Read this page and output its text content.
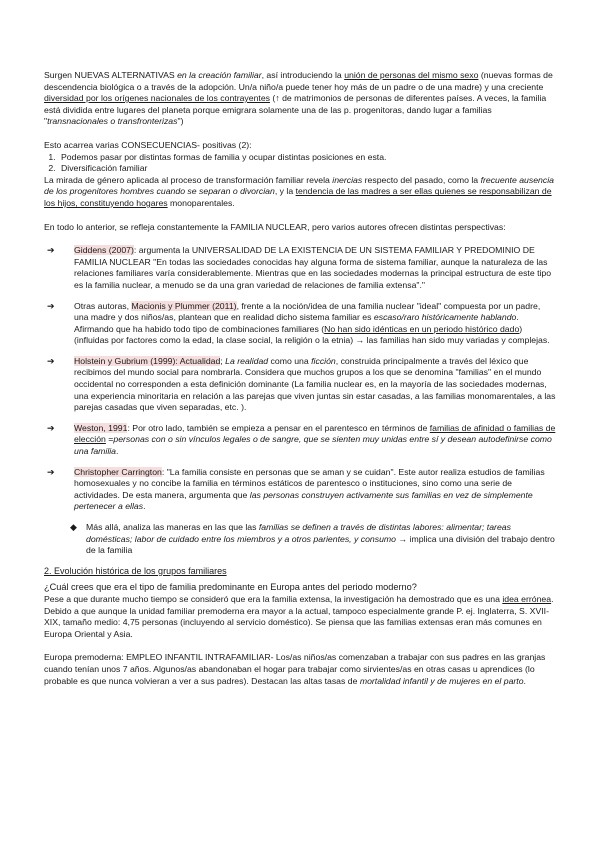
Surgen NUEVAS ALTERNATIVAS en la creación familiar, así introduciendo la unión de personas del mismo sexo (nuevas formas de descendencia biológica o a través de la adopción. Un/a niño/a puede tener hoy más de un padre o de una madre) y una creciente diversidad por los orígenes nacionales de los contrayentes (↑ de matrimonios de personas de diferentes países. A veces, la familia está dividida entre lugares del planeta porque emigrara solamente una de las p. progenitoras, dando lugar a familias "transnacionales o transfronterizas")

Esto acarrea varias CONSECUENCIAS- positivas (2):

1. Podemos pasar por distintas formas de familia y ocupar distintas posiciones en esta.
2. Diversificación familiar

La mirada de género aplicada al proceso de transformación familiar revela inercias respecto del pasado, como la frecuente ausencia de los progenitores hombres cuando se separan o divorcian, y la tendencia de las madres a ser ellas quienes se responsabilizan de los hijos, constituyendo hogares monoparentales.

En todo lo anterior, se refleja constantemente la FAMILIA NUCLEAR, pero varios autores ofrecen distintas perspectivas:

➔ Giddens (2007): argumenta la UNIVERSALIDAD DE LA EXISTENCIA DE UN SISTEMA FAMILIAR Y PREDOMINIO DE FAMILIA NUCLEAR "En todas las sociedades conocidas hay alguna forma de sistema familiar, aunque la naturaleza de las relaciones familiares varía considerablemente. Mientras que en las sociedades modernas la principal estructura de este tipo es la familia nuclear, a menudo se da una gran variedad de relaciones de familia extensa"."
➔ Otras autoras, Macionis y Plummer (2011), frente a la noción/idea de una familia nuclear "ideal" compuesta por un padre, una madre y dos niños/as, plantean que en realidad dicho sistema familiar es escaso/raro históricamente hablando. Afirmando que ha habido todo tipo de combinaciones familiares (No han sido idénticas en un periodo histórico dado) (influidas por factores como la edad, la clase social, la religión o la etnia) → las familias han sido muy variadas y complejas.
➔ Holstein y Gubrium (1999): Actualidad; La realidad como una ficción, construida principalmente a través del léxico que recibimos del mundo social para nombrarla. Considera que muchos grupos a los que se denomina "familias" en el mundo occidental no corresponden a esta definición dominante (La familia nuclear es, en la mayoría de las sociedades modernas, una experiencia minoritaria en relación a las parejas que viven juntas sin estar casadas, a las familias monomarentales, a las parejas casadas que viven separadas, etc. ).
➔ Weston, 1991: Por otro lado, también se empieza a pensar en el parentesco en términos de familias de afinidad o familias de elección =personas con o sin vínculos legales o de sangre, que se sienten muy unidas entre sí y desean autodefinirse como una familia.
➔ Christopher Carrington: "La familia consiste en personas que se aman y se cuidan". Este autor realiza estudios de familias homosexuales y no concibe la familia en términos estáticos de parentesco o instituciones, sino como una serie de actividades. De esta manera, argumenta que las personas construyen activamente sus familias en vez de simplemente pertenecer a ellas.
◆ Más allá, analiza las maneras en las que las familias se definen a través de distintas labores: alimentar; tareas domésticas; labor de cuidado entre los miembros y a otros parientes, y consumo → implica una división del trabajo dentro de la familia
2. Evolución histórica de los grupos familiares

¿Cuál crees que era el tipo de familia predominante en Europa antes del periodo moderno?

Pese a que durante mucho tiempo se consideró que era la familia extensa, la investigación ha demostrado que es una idea errónea. Debido a que aunque la unidad familiar premoderna era mayor a la actual, tampoco especialmente grande P. ej. Inglaterra, S. XVII-XIX, tamaño medio: 4,75 personas (incluyendo al servicio doméstico). Se piensa que las familias extensas eran más comunes en Europa Oriental y Asia.

Europa premoderna: EMPLEO INFANTIL INTRAFAMILIAR- Los/as niños/as comenzaban a trabajar con sus padres en las granjas cuando tenían unos 7 años. Algunos/as abandonaban el hogar para trabajar como sirvientes/as en otras casas u aprendices (lo probable es que nunca volvieran a ver a sus padres). Destacan las altas tasas de mortalidad infantil y de mujeres en el parto.
